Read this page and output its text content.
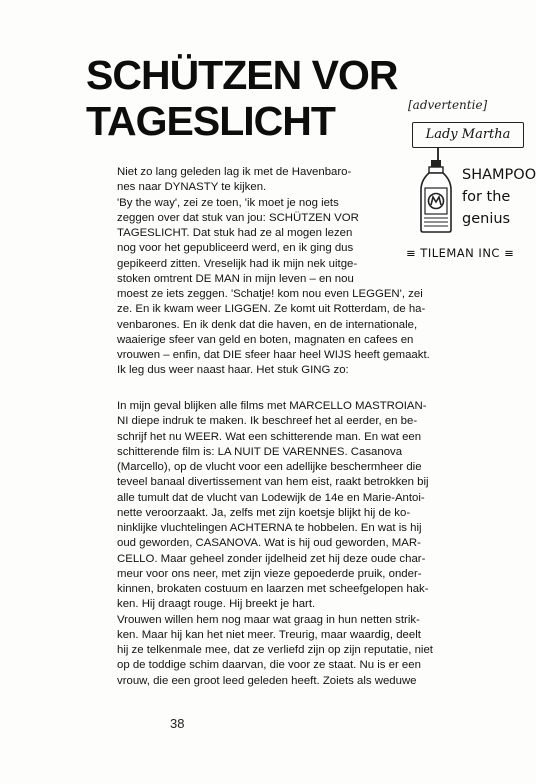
SCHÜTZEN VOR
TAGESLICHT	[advertentie]
Lady Martha
SHAMPOO
for the
genius
≡ TILEMAN INC ≡
Niet zo lang geleden lag ik met de Havenbaro-
nes naar DYNASTY te kijken.
'By the way', zei ze toen, 'ik moet je nog iets
zeggen over dat stuk van jou: SCHÜTZEN VOR
TAGESLICHT. Dat stuk had ze al mogen lezen
nog voor het gepubliceerd werd, en ik ging dus
gepikeerd zitten. Vreselijk had ik mijn nek uitge-
stoken omtrent DE MAN in mijn leven – en nou
moest ze iets zeggen. 'Schatje! kom nou even LEGGEN', zei
ze. En ik kwam weer LIGGEN. Ze komt uit Rotterdam, de ha-
venbarones. En ik denk dat die haven, en de internationale,
waaierige sfeer van geld en boten, magnaten en cafees en
vrouwen – enfin, dat DIE sfeer haar heel WIJS heeft gemaakt.
Ik leg dus weer naast haar. Het stuk GING zo:
In mijn geval blijken alle films met MARCELLO MASTROIAN-
NI diepe indruk te maken. Ik beschreef het al eerder, en be-
schrijf het nu WEER. Wat een schitterende man. En wat een
schitterende film is: LA NUIT DE VARENNES. Casanova
(Marcello), op de vlucht voor een adellijke beschermheer die
teveel banaal divertissement van hem eist, raakt betrokken bij
alle tumult dat de vlucht van Lodewijk de 14e en Marie-Antoi-
nette veroorzaakt. Ja, zelfs met zijn koetsje blijkt hij de ko-
ninklijke vluchtelingen ACHTERNA te hobbelen. En wat is hij
oud geworden, CASANOVA. Wat is hij oud geworden, MAR-
CELLO. Maar geheel zonder ijdelheid zet hij deze oude char-
meur voor ons neer, met zijn vieze gepoederde pruik, onder-
kinnen, brokaten costuum en laarzen met scheefgelopen hak-
ken. Hij draagt rouge. Hij breekt je hart.
Vrouwen willen hem nog maar wat graag in hun netten strik-
ken. Maar hij kan het niet meer. Treurig, maar waardig, deelt
hij ze telkenmale mee, dat ze verliefd zijn op zijn reputatie, niet
op de toddige schim daarvan, die voor ze staat. Nu is er een
vrouw, die een groot leed geleden heeft. Zoiets als weduwe
38
